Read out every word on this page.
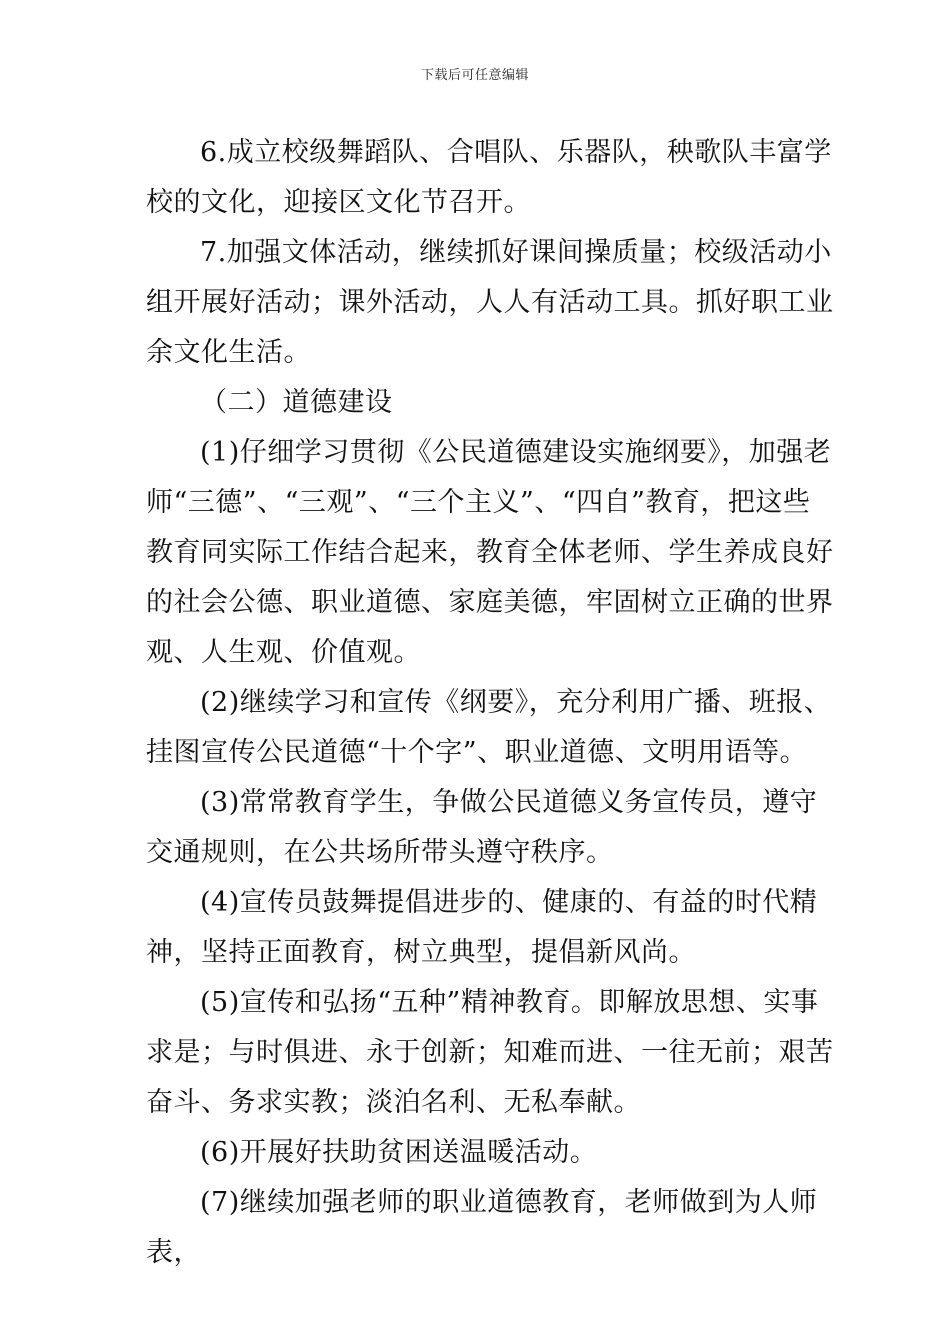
下载后可任意编辑

6.成立校级舞蹈队、合唱队、乐器队，秧歌队丰富学校的文化，迎接区文化节召开。

7.加强文体活动，继续抓好课间操质量；校级活动小组开展好活动；课外活动，人人有活动工具。抓好职工业余文化生活。

（二）道德建设

(1)仔细学习贯彻《公民道德建设实施纲要》，加强老师“三德”、“三观”、“三个主义”、“四自”教育，把这些教育同实际工作结合起来，教育全体老师、学生养成良好的社会公德、职业道德、家庭美德，牢固树立正确的世界观、人生观、价值观。

(2)继续学习和宣传《纲要》，充分利用广播、班报、挂图宣传公民道德“十个字”、职业道德、文明用语等。

(3)常常教育学生，争做公民道德义务宣传员，遵守交通规则，在公共场所带头遵守秩序。

(4)宣传员鼓舞提倡进步的、健康的、有益的时代精神，坚持正面教育，树立典型，提倡新风尚。

(5)宣传和弘扬“五种”精神教育。即解放思想、实事求是；与时俱进、永于创新；知难而进、一往无前；艰苦奋斗、务求实教；淡泊名利、无私奉献。

(6)开展好扶助贫困送温暖活动。

(7)继续加强老师的职业道德教育，老师做到为人师表，
